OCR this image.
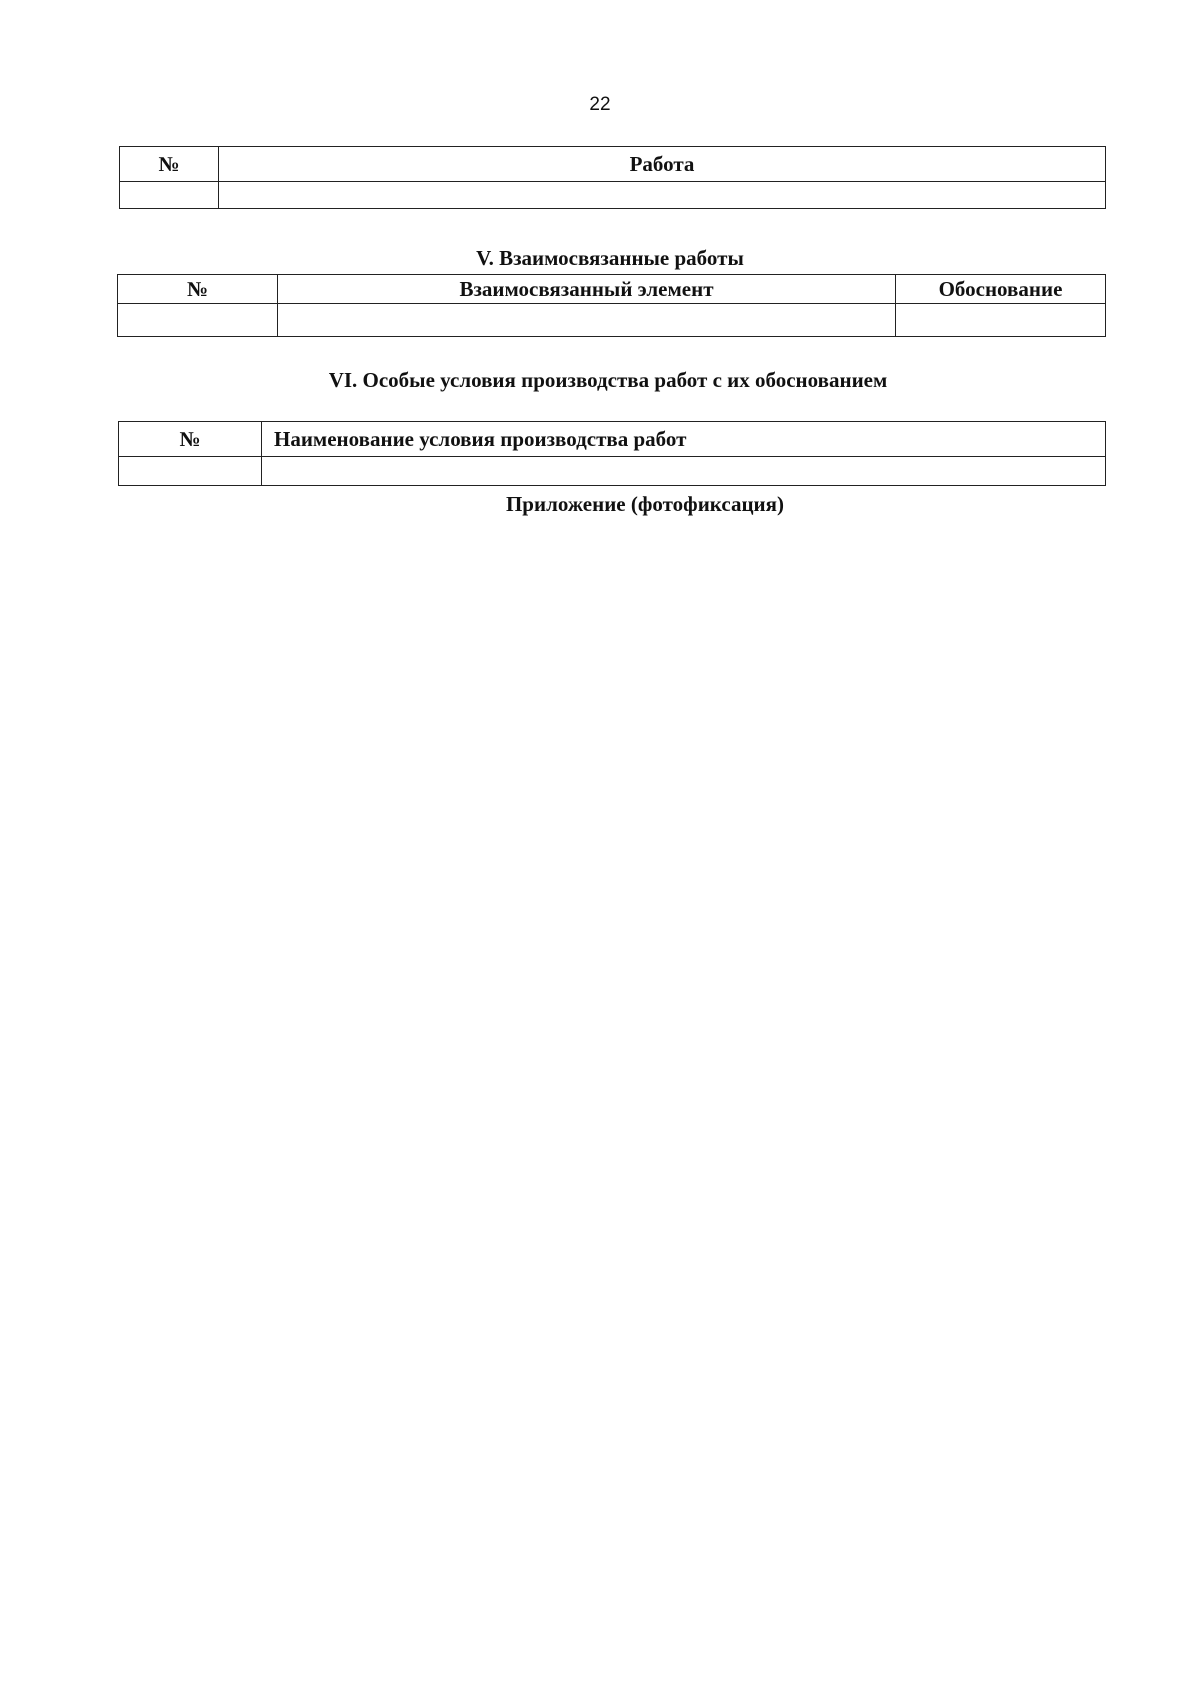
22
№	Работа

V. Взаимосвязанные работы
№	Взаимосвязанный элемент	Обоснование

VI. Особые условия производства работ с их обоснованием
№	Наименование условия производства работ

Приложение (фотофиксация)
